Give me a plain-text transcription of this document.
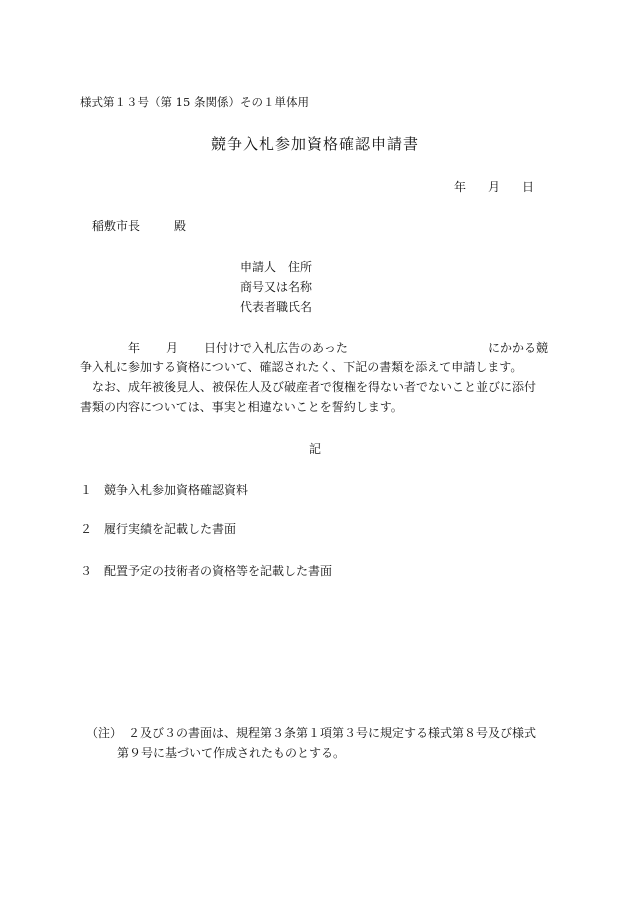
様式第１３号（第 15 条関係）その１単体用
競争入札参加資格確認申請書
年 月 日
稲敷市長	殿
申請人 住所
商号又は名称
代表者職氏名
年 月 日付けで入札広告のあった	にかかる競
争入札に参加する資格について、確認されたく、下記の書類を添えて申請します。
　なお、成年被後見人、被保佐人及び破産者で復権を得ない者でないこと並びに添付
書類の内容については、事実と相違ないことを誓約します。
記
１ 競争入札参加資格確認資料
２ 履行実績を記載した書面
３ 配置予定の技術者の資格等を記載した書面
（注） ２及び３の書面は、規程第３条第１項第３号に規定する様式第８号及び様式
第９号に基づいて作成されたものとする。
